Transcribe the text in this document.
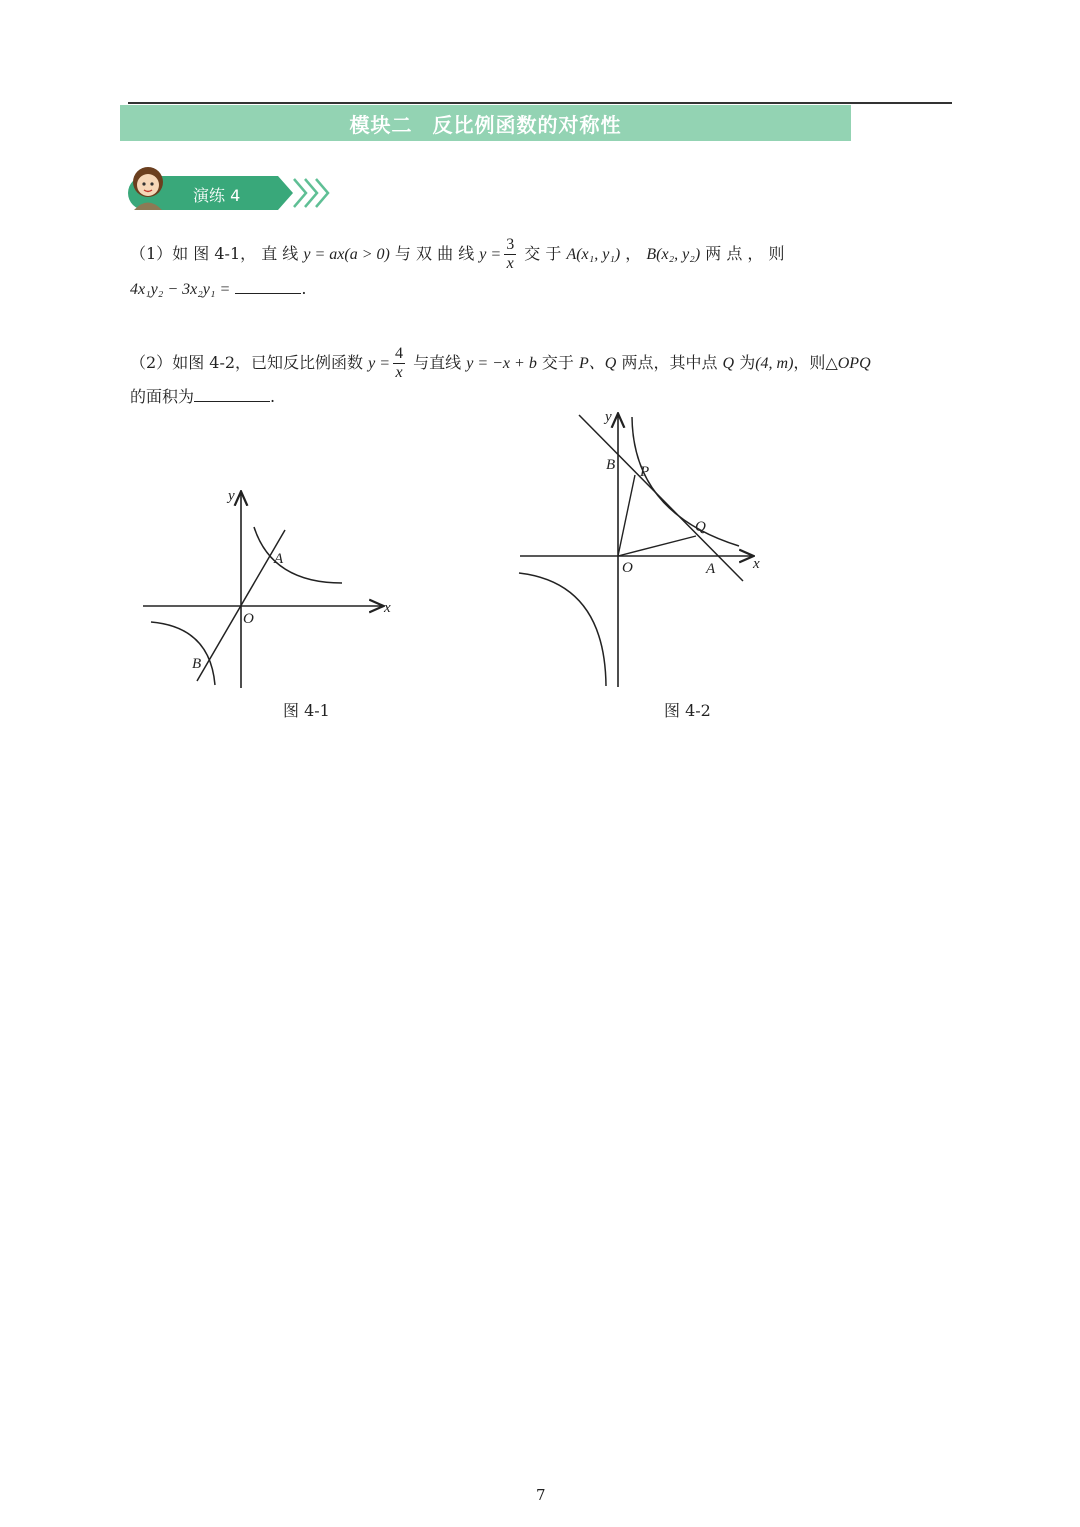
模块二 反比例函数的对称性
演练 4
（1）如 图 4-1， 直 线 y = ax(a > 0) 与 双 曲 线 $y = \frac{3}{x}$ 交 于 A(x₁, y₁) ， B(x₂, y₂) 两 点 ， 则
4x₁y₂ − 3x₂y₁ =	.
（2）如图 4-2，已知反比例函数 $y = \frac{4}{x}$ 与直线 y = −x + b 交于 P、Q 两点，其中点 Q 为(4, m)，则△OPQ
的面积为	.
y
x
O
A
B
图 4-1
y
x
O	A
B P
Q
图 4-2
7
